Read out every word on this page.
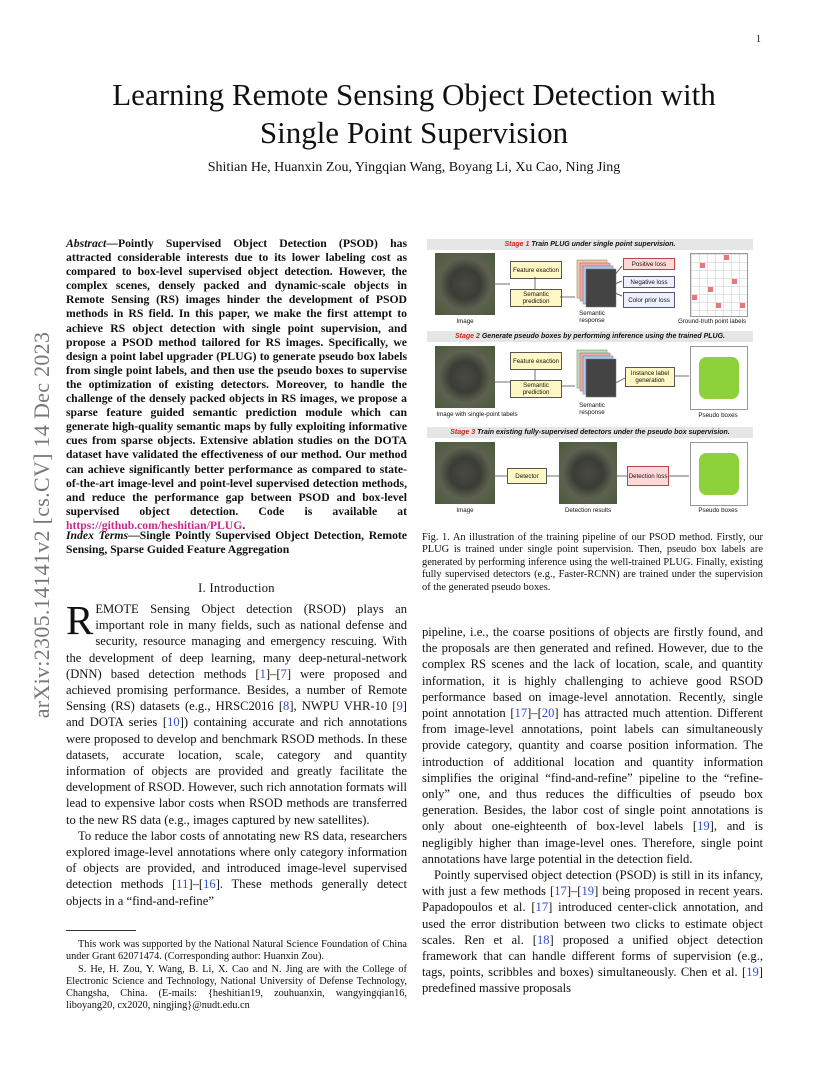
1
arXiv:2305.14141v2 [cs.CV] 14 Dec 2023
Learning Remote Sensing Object Detection with
Single Point Supervision
Shitian He, Huanxin Zou, Yingqian Wang, Boyang Li, Xu Cao, Ning Jing
Abstract—Pointly Supervised Object Detection (PSOD) has attracted considerable interests due to its lower labeling cost as compared to box-level supervised object detection. However, the complex scenes, densely packed and dynamic-scale objects in Remote Sensing (RS) images hinder the development of PSOD methods in RS field. In this paper, we make the first attempt to achieve RS object detection with single point supervision, and propose a PSOD method tailored for RS images. Specifically, we design a point label upgrader (PLUG) to generate pseudo box labels from single point labels, and then use the pseudo boxes to supervise the optimization of existing detectors. Moreover, to handle the challenge of the densely packed objects in RS images, we propose a sparse feature guided semantic prediction module which can generate high-quality semantic maps by fully exploiting informative cues from sparse objects. Extensive ablation studies on the DOTA dataset have validated the effectiveness of our method. Our method can achieve significantly better performance as compared to state-of-the-art image-level and point-level supervised detection methods, and reduce the performance gap between PSOD and box-level supervised object detection. Code is available at https://github.com/heshitian/PLUG.
Index Terms—Single Pointly Supervised Object Detection, Remote Sensing, Sparse Guided Feature Aggregation
I. Introduction

REMOTE Sensing Object detection (RSOD) plays an important role in many fields, such as national defense and security, resource managing and emergency rescuing. With the development of deep learning, many deep-netural-network (DNN) based detection methods [1]–[7] were proposed and achieved promising performance. Besides, a number of Remote Sensing (RS) datasets (e.g., HRSC2016 [8], NWPU VHR-10 [9] and DOTA series [10]) containing accurate and rich annotations were proposed to develop and benchmark RSOD methods. In these datasets, accurate location, scale, category and quantity information of objects are provided and greatly facilitate the development of RSOD. However, such rich annotation formats will lead to expensive labor costs when RSOD methods are transferred to the new RS data (e.g., images captured by new satellites).

To reduce the labor costs of annotating new RS data, researchers explored image-level annotations where only category information of objects are provided, and introduced image-level supervised detection methods [11]–[16]. These methods generally detect objects in a “find-and-refine”

This work was supported by the National Natural Science Foundation of China under Grant 62071474. (Corresponding author: Huanxin Zou).

S. He, H. Zou, Y. Wang, B. Li, X. Cao and N. Jing are with the College of Electronic Science and Technology, National University of Defense Technology, Changsha, China. (E-mails: {heshitian19, zouhuanxin, wangyingqian16, liboyang20, cx2020, ningjing}@nudt.edu.cn

Stage 1 Train PLUG under single point supervision.
Image
Feature exaction
Semantic prediction
Semantic response
Positive loss
Negative loss
Color prior loss
Ground-truth point labels
Stage 2 Generate pseudo boxes by performing inference using the trained PLUG.
Image with single-point labels
Feature exaction
Semantic prediction
Semantic response
Instance label generation
Pseudo boxes
Stage 3 Train existing fully-supervised detectors under the pseudo box supervision.
Image
Detector
Detection results
Detection loss
Pseudo boxes
Fig. 1. An illustration of the training pipeline of our PSOD method. Firstly, our PLUG is trained under single point supervision. Then, pseudo box labels are generated by performing inference using the well-trained PLUG. Finally, existing fully supervised detectors (e.g., Faster-RCNN) are trained under the supervision of the generated pseudo boxes.

pipeline, i.e., the coarse positions of objects are firstly found, and the proposals are then generated and refined. However, due to the complex RS scenes and the lack of location, scale, and quantity information, it is highly challenging to achieve good RSOD performance based on image-level annotation. Recently, single point annotation [17]–[20] has attracted much attention. Different from image-level annotations, point labels can simultaneously provide category, quantity and coarse position information. The introduction of additional location and quantity information simplifies the original “find-and-refine” pipeline to the “refine-only” one, and thus reduces the difficulties of pseudo box generation. Besides, the labor cost of single point annotations is only about one-eighteenth of box-level labels [19], and is negligibly higher than image-level ones. Therefore, single point annotations have large potential in the detection field.

Pointly supervised object detection (PSOD) is still in its infancy, with just a few methods [17]–[19] being proposed in recent years. Papadopoulos et al. [17] introduced center-click annotation, and used the error distribution between two clicks to estimate object scales. Ren et al. [18] proposed a unified object detection framework that can handle different forms of supervision (e.g., tags, points, scribbles and boxes) simultaneously. Chen et al. [19] predefined massive proposals
